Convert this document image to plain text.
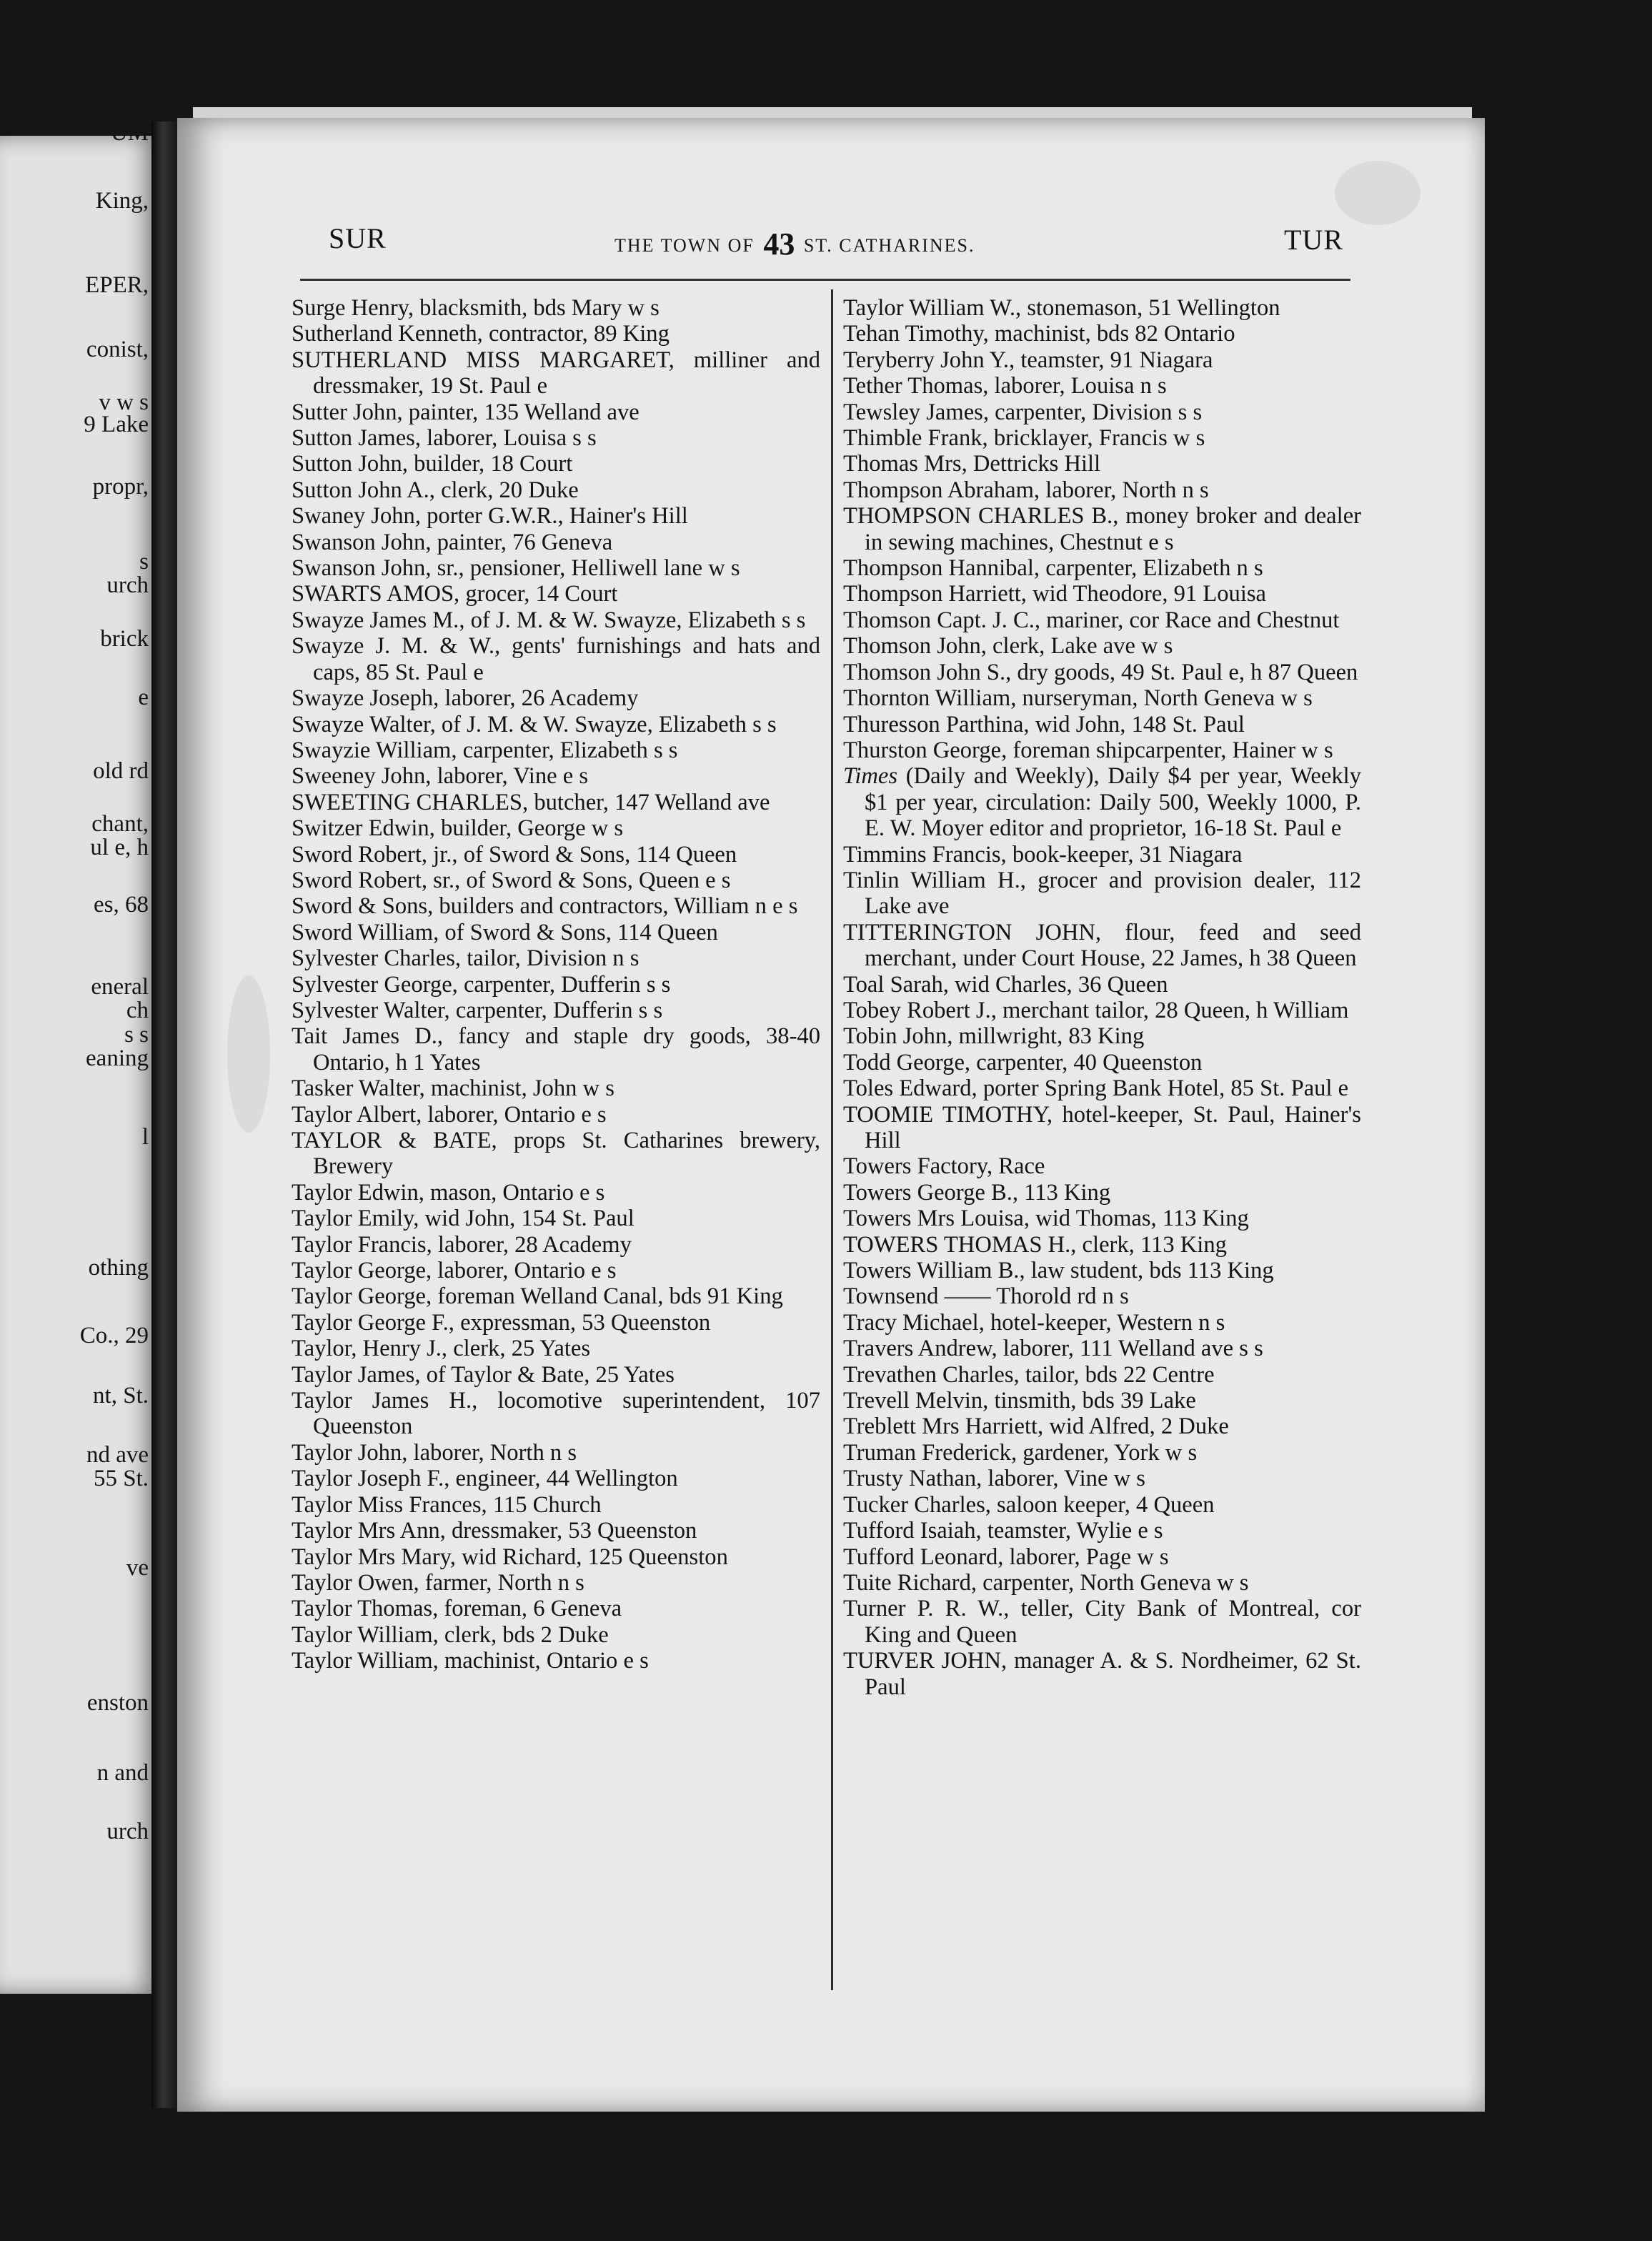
UM
King,
EPER,
conist,
v w s
9 Lake
propr,
s
urch
brick
e
old rd
chant,
ul e, h
es, 68
eneral
ch
s s
eaning
l
othing
Co., 29
nt, St.
nd ave
55 St.
ve
enston
n and
urch
SUR	THE TOWN OF 43 ST. CATHARINES.	TUR
Surge Henry, blacksmith, bds Mary w s
Sutherland Kenneth, contractor, 89 King
SUTHERLAND MISS MARGARET, milliner and dressmaker, 19 St. Paul e
Sutter John, painter, 135 Welland ave
Sutton James, laborer, Louisa s s
Sutton John, builder, 18 Court
Sutton John A., clerk, 20 Duke
Swaney John, porter G.W.R., Hainer's Hill
Swanson John, painter, 76 Geneva
Swanson John, sr., pensioner, Helliwell lane w s
SWARTS AMOS, grocer, 14 Court
Swayze James M., of J. M. & W. Swayze, Elizabeth s s
Swayze J. M. & W., gents' furnishings and hats and caps, 85 St. Paul e
Swayze Joseph, laborer, 26 Academy
Swayze Walter, of J. M. & W. Swayze, Elizabeth s s
Swayzie William, carpenter, Elizabeth s s
Sweeney John, laborer, Vine e s
SWEETING CHARLES, butcher, 147 Welland ave
Switzer Edwin, builder, George w s
Sword Robert, jr., of Sword & Sons, 114 Queen
Sword Robert, sr., of Sword & Sons, Queen e s
Sword & Sons, builders and contractors, William n e s
Sword William, of Sword & Sons, 114 Queen
Sylvester Charles, tailor, Division n s
Sylvester George, carpenter, Dufferin s s
Sylvester Walter, carpenter, Dufferin s s
Tait James D., fancy and staple dry goods, 38-40 Ontario, h 1 Yates
Tasker Walter, machinist, John w s
Taylor Albert, laborer, Ontario e s
TAYLOR & BATE, props St. Catharines brewery, Brewery
Taylor Edwin, mason, Ontario e s
Taylor Emily, wid John, 154 St. Paul
Taylor Francis, laborer, 28 Academy
Taylor George, laborer, Ontario e s
Taylor George, foreman Welland Canal, bds 91 King
Taylor George F., expressman, 53 Queenston
Taylor, Henry J., clerk, 25 Yates
Taylor James, of Taylor & Bate, 25 Yates
Taylor James H., locomotive superintendent, 107 Queenston
Taylor John, laborer, North n s
Taylor Joseph F., engineer, 44 Wellington
Taylor Miss Frances, 115 Church
Taylor Mrs Ann, dressmaker, 53 Queenston
Taylor Mrs Mary, wid Richard, 125 Queenston
Taylor Owen, farmer, North n s
Taylor Thomas, foreman, 6 Geneva
Taylor William, clerk, bds 2 Duke
Taylor William, machinist, Ontario e s
Taylor William W., stonemason, 51 Wellington
Tehan Timothy, machinist, bds 82 Ontario
Teryberry John Y., teamster, 91 Niagara
Tether Thomas, laborer, Louisa n s
Tewsley James, carpenter, Division s s
Thimble Frank, bricklayer, Francis w s
Thomas Mrs, Dettricks Hill
Thompson Abraham, laborer, North n s
THOMPSON CHARLES B., money broker and dealer in sewing machines, Chestnut e s
Thompson Hannibal, carpenter, Elizabeth n s
Thompson Harriett, wid Theodore, 91 Louisa
Thomson Capt. J. C., mariner, cor Race and Chestnut
Thomson John, clerk, Lake ave w s
Thomson John S., dry goods, 49 St. Paul e, h 87 Queen
Thornton William, nurseryman, North Geneva w s
Thuresson Parthina, wid John, 148 St. Paul
Thurston George, foreman shipcarpenter, Hainer w s
Times (Daily and Weekly), Daily $4 per year, Weekly $1 per year, circulation: Daily 500, Weekly 1000, P. E. W. Moyer editor and proprietor, 16-18 St. Paul e
Timmins Francis, book-keeper, 31 Niagara
Tinlin William H., grocer and provision dealer, 112 Lake ave
TITTERINGTON JOHN, flour, feed and seed merchant, under Court House, 22 James, h 38 Queen
Toal Sarah, wid Charles, 36 Queen
Tobey Robert J., merchant tailor, 28 Queen, h William
Tobin John, millwright, 83 King
Todd George, carpenter, 40 Queenston
Toles Edward, porter Spring Bank Hotel, 85 St. Paul e
TOOMIE TIMOTHY, hotel-keeper, St. Paul, Hainer's Hill
Towers Factory, Race
Towers George B., 113 King
Towers Mrs Louisa, wid Thomas, 113 King
TOWERS THOMAS H., clerk, 113 King
Towers William B., law student, bds 113 King
Townsend —— Thorold rd n s
Tracy Michael, hotel-keeper, Western n s
Travers Andrew, laborer, 111 Welland ave s s
Trevathen Charles, tailor, bds 22 Centre
Trevell Melvin, tinsmith, bds 39 Lake
Treblett Mrs Harriett, wid Alfred, 2 Duke
Truman Frederick, gardener, York w s
Trusty Nathan, laborer, Vine w s
Tucker Charles, saloon keeper, 4 Queen
Tufford Isaiah, teamster, Wylie e s
Tufford Leonard, laborer, Page w s
Tuite Richard, carpenter, North Geneva w s
Turner P. R. W., teller, City Bank of Montreal, cor King and Queen
TURVER JOHN, manager A. & S. Nordheimer, 62 St. Paul
